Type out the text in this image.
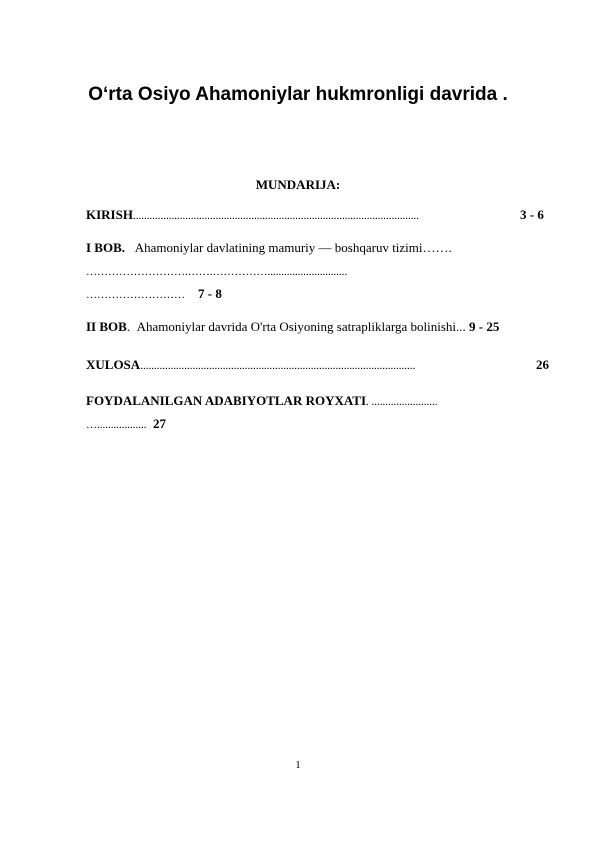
O‘rta Osiyo Ahamoniylar hukmronligi davrida .
MUNDARIJA:
KIRISH........................................................................................................	3 - 6
I BOB. Ahamoniylar davlatining mamuriy — boshqaruv tizimi…….
……………………….…….…………….............................
……………………… 7 - 8
II BOB.  Ahamoniylar davrida O'rta Osiyoning satrapliklarga bolinishi... 9 - 25
XULOSA....................................................................................................	26
FOYDALANILGAN ADABIYOTLAR ROYXATI. ........................
….................. 27
1
